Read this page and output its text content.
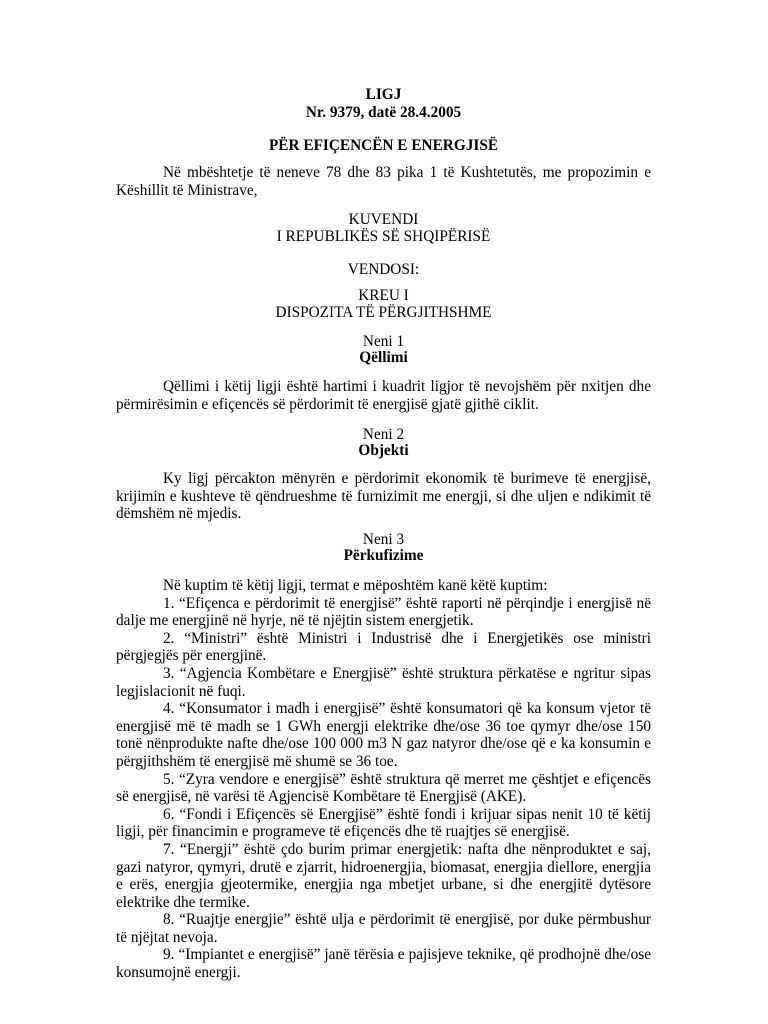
LIGJ
Nr. 9379, datë 28.4.2005
PËR EFIÇENCËN E ENERGJISË
Në mbështetje të neneve 78 dhe 83 pika 1 të Kushtetutës, me propozimin e Këshillit të Ministrave,
KUVENDI
I REPUBLIKËS SË SHQIPËRISË
VENDOSI:
KREU I
DISPOZITA TË PËRGJITHSHME
Neni 1
Qëllimi
Qëllimi i këtij ligji është hartimi i kuadrit ligjor të nevojshëm për nxitjen dhe përmirësimin e efiçencës së përdorimit të energjisë gjatë gjithë ciklit.
Neni 2
Objekti
Ky ligj përcakton mënyrën e përdorimit ekonomik të burimeve të energjisë, krijimin e kushteve të qëndrueshme të furnizimit me energji, si dhe uljen e ndikimit të dëmshëm në mjedis.
Neni 3
Përkufizime

Në kuptim të këtij ligji, termat e mëposhtëm kanë këtë kuptim:

1. “Efiçenca e përdorimit të energjisë” është raporti në përqindje i energjisë në dalje me energjinë në hyrje, në të njëjtin sistem energjetik.

2. “Ministri” është Ministri i Industrisë dhe i Energjetikës ose ministri përgjegjës për energjinë.

3. “Agjencia Kombëtare e Energjisë” është struktura përkatëse e ngritur sipas legjislacionit në fuqi.

4. “Konsumator i madh i energjisë” është konsumatori që ka konsum vjetor të energjisë më të madh se 1 GWh energji elektrike dhe/ose 36 toe qymyr dhe/ose 150 tonë nënprodukte nafte dhe/ose 100 000 m3 N gaz natyror dhe/ose që e ka konsumin e përgjithshëm të energjisë më shumë se 36 toe.

5. “Zyra vendore e energjisë” është struktura që merret me çështjet e efiçencës së energjisë, në varësi të Agjencisë Kombëtare të Energjisë (AKE).

6. “Fondi i Efiçencës së Energjisë” është fondi i krijuar sipas nenit 10 të këtij ligji, për financimin e programeve të efiçencës dhe të ruajtjes së energjisë.

7. “Energji” është çdo burim primar energjetik: nafta dhe nënproduktet e saj, gazi natyror, qymyri, drutë e zjarrit, hidroenergjia, biomasat, energjia diellore, energjia e erës, energjia gjeotermike, energjia nga mbetjet urbane, si dhe energjitë dytësore elektrike dhe termike.

8. “Ruajtje energjie” është ulja e përdorimit të energjisë, por duke përmbushur të njëjtat nevoja.

9. “Impiantet e energjisë” janë tërësia e pajisjeve teknike, që prodhojnë dhe/ose konsumojnë energji.
